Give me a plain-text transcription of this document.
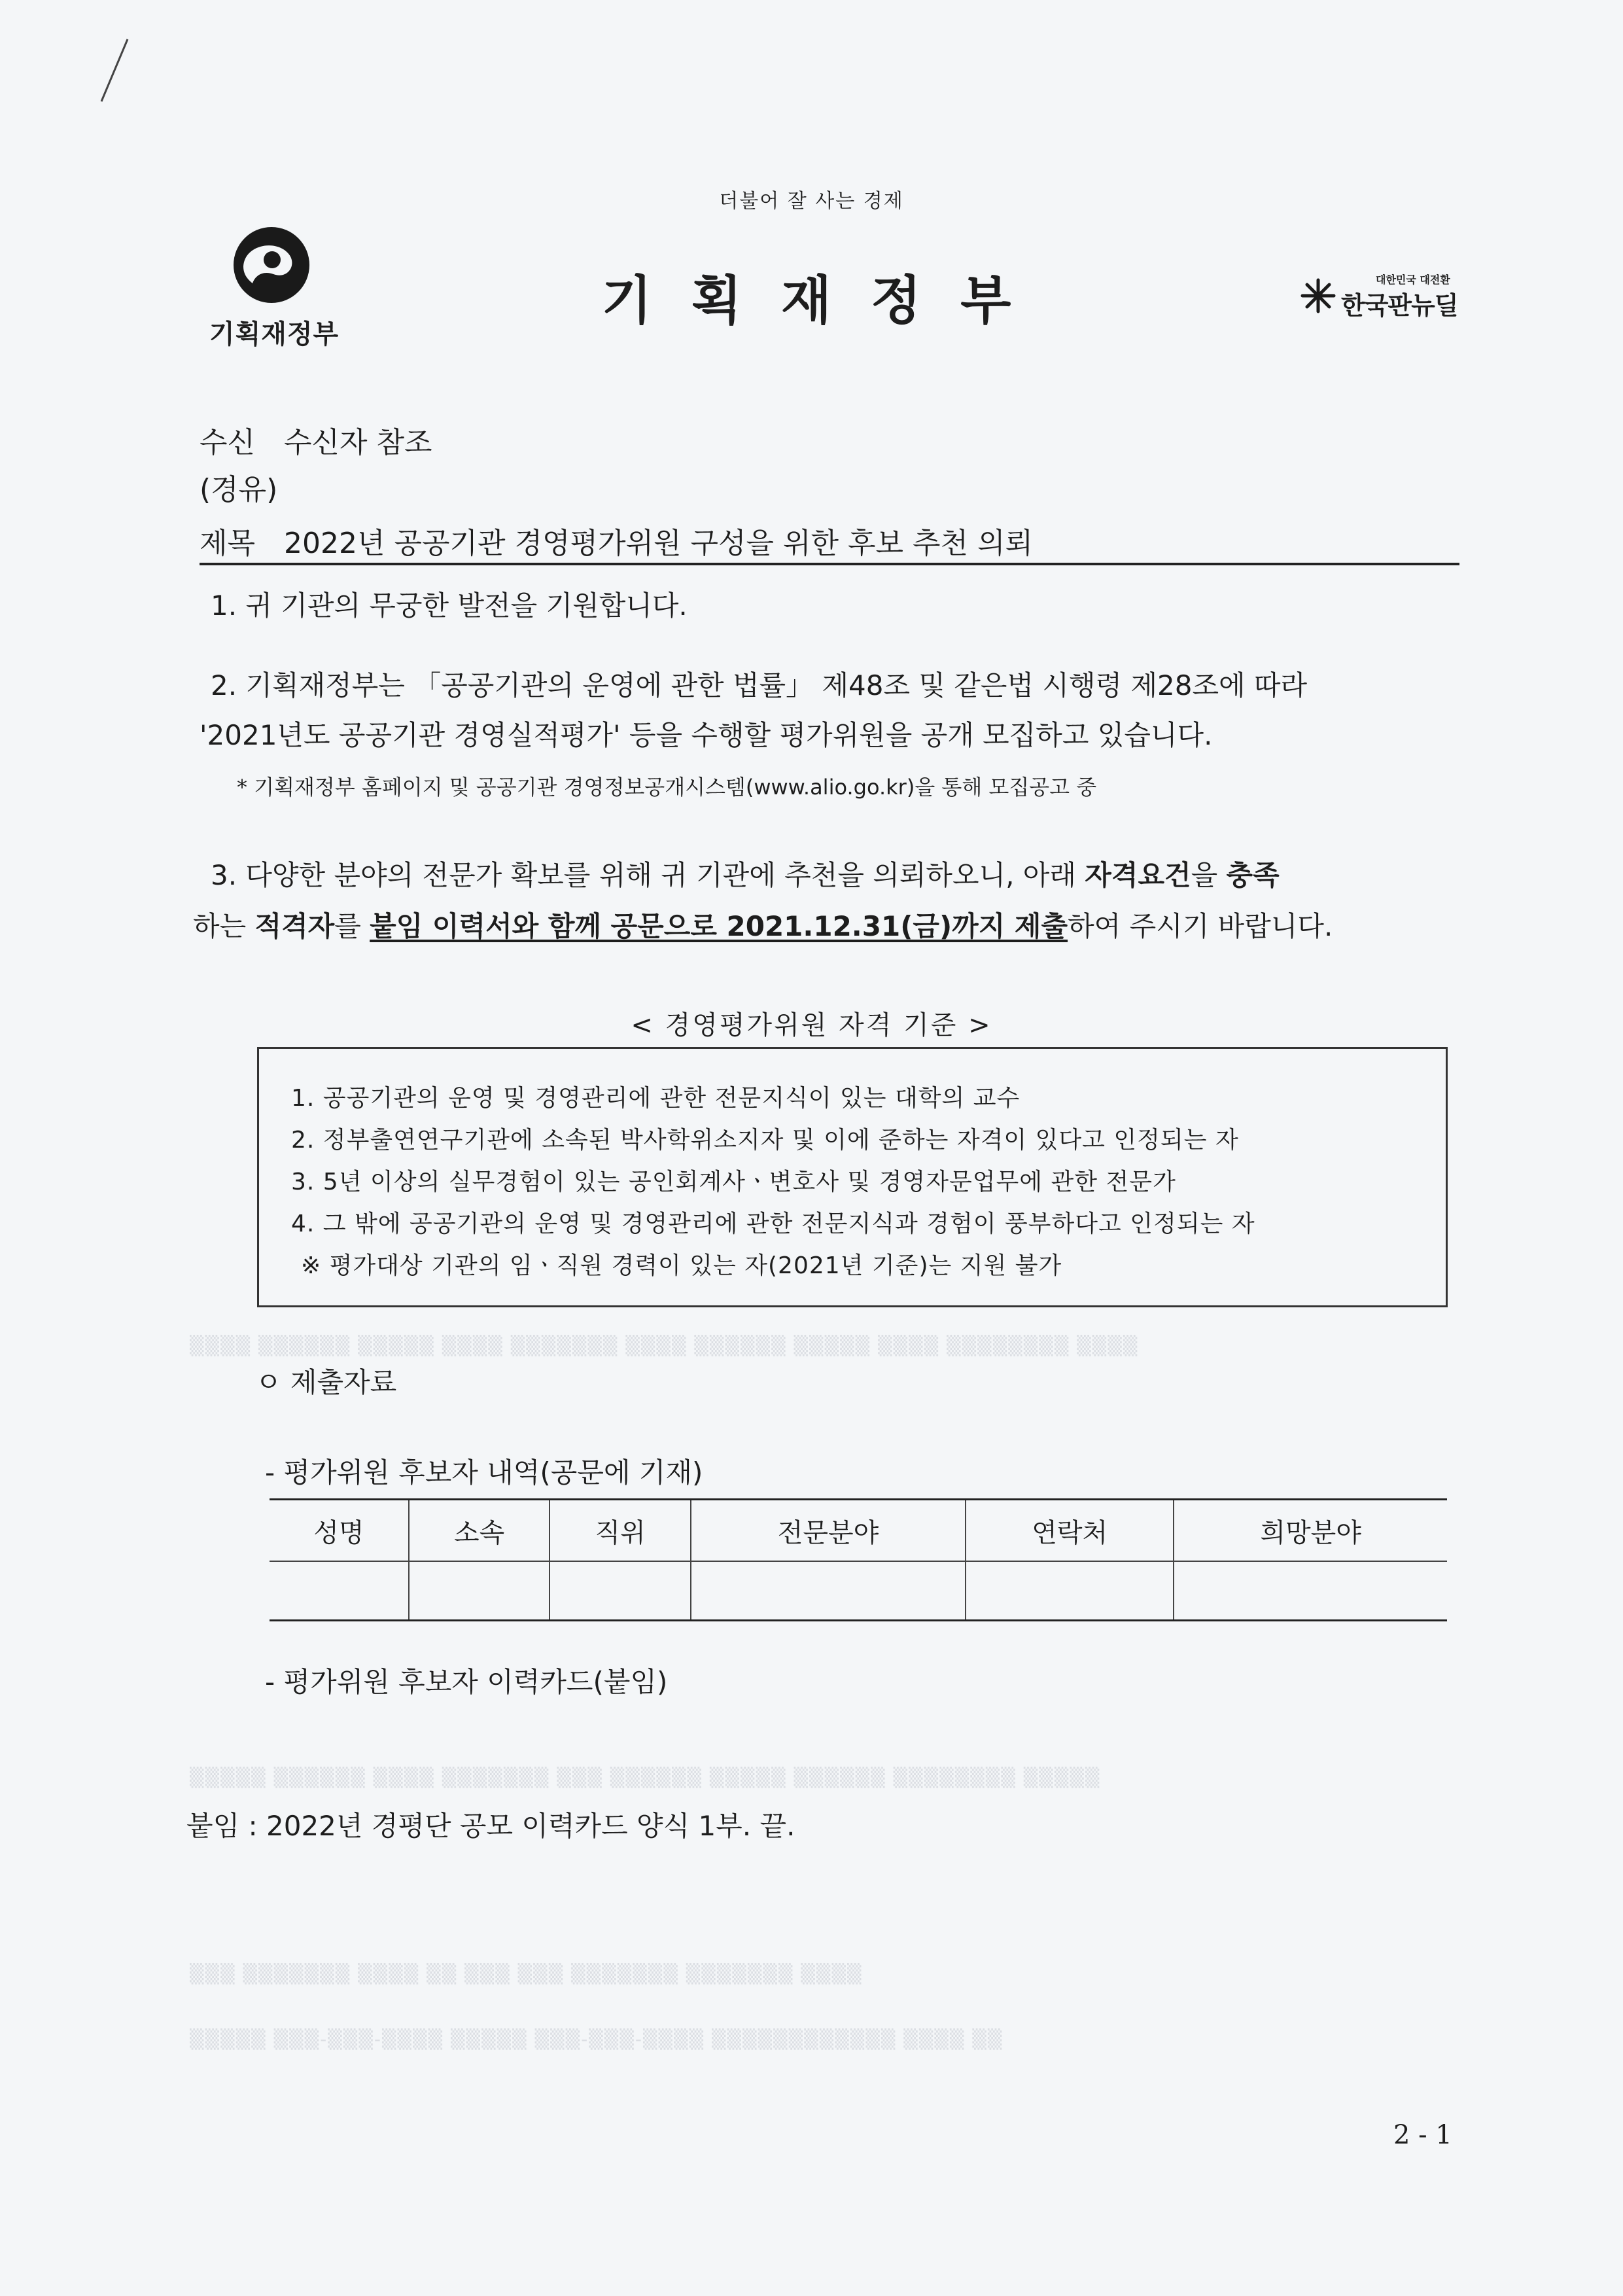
더불어 잘 사는 경제
기획재정부
기 획 재 정 부	대한민국 대전환
한국판뉴딜
수신 수신자 참조
(경유)
제목 2022년 공공기관 경영평가위원 구성을 위한 후보 추천 의뢰
1. 귀 기관의 무궁한 발전을 기원합니다.
2. 기획재정부는 「공공기관의 운영에 관한 법률」 제48조 및 같은법 시행령 제28조에 따라
'2021년도 공공기관 경영실적평가' 등을 수행할 평가위원을 공개 모집하고 있습니다.
* 기획재정부 홈페이지 및 공공기관 경영정보공개시스템(www.alio.go.kr)을 통해 모집공고 중
3. 다양한 분야의 전문가 확보를 위해 귀 기관에 추천을 의뢰하오니, 아래 자격요건을 충족
하는 적격자를 붙임 이력서와 함께 공문으로 2021.12.31(금)까지 제출하여 주시기 바랍니다.
▒▒▒▒ ▒▒▒▒▒▒ ▒▒▒▒▒ ▒▒▒▒ ▒▒▒▒▒▒▒ ▒▒▒▒ ▒▒▒▒▒▒ ▒▒▒▒▒ ▒▒▒▒ ▒▒▒▒▒▒▒▒ ▒▒▒▒
▒▒▒▒▒ ▒▒▒▒▒▒ ▒▒▒▒ ▒▒▒▒▒▒▒ ▒▒▒ ▒▒▒▒▒▒ ▒▒▒▒▒ ▒▒▒▒▒▒ ▒▒▒▒▒▒▒▒ ▒▒▒▒▒
▒▒▒ ▒▒▒▒▒▒▒ ▒▒▒▒ ▒▒ ▒▒▒ ▒▒▒ ▒▒▒▒▒▒▒ ▒▒▒▒▒▒▒ ▒▒▒▒
▒▒▒▒▒ ▒▒▒-▒▒▒-▒▒▒▒ ▒▒▒▒▒ ▒▒▒-▒▒▒-▒▒▒▒ ▒▒▒▒▒▒▒▒▒▒▒▒ ▒▒▒▒ ▒▒
< 경영평가위원 자격 기준 >
1. 공공기관의 운영 및 경영관리에 관한 전문지식이 있는 대학의 교수
2. 정부출연연구기관에 소속된 박사학위소지자 및 이에 준하는 자격이 있다고 인정되는 자
3. 5년 이상의 실무경험이 있는 공인회계사ㆍ변호사 및 경영자문업무에 관한 전문가
4. 그 밖에 공공기관의 운영 및 경영관리에 관한 전문지식과 경험이 풍부하다고 인정되는 자
※ 평가대상 기관의 임ㆍ직원 경력이 있는 자(2021년 기준)는 지원 불가
ㅇ 제출자료
- 평가위원 후보자 내역(공문에 기재)
성명	소속	직위	전문분야	연락처	희망분야

- 평가위원 후보자 이력카드(붙임)
붙임 : 2022년 경평단 공모 이력카드 양식 1부. 끝.
2 - 1
